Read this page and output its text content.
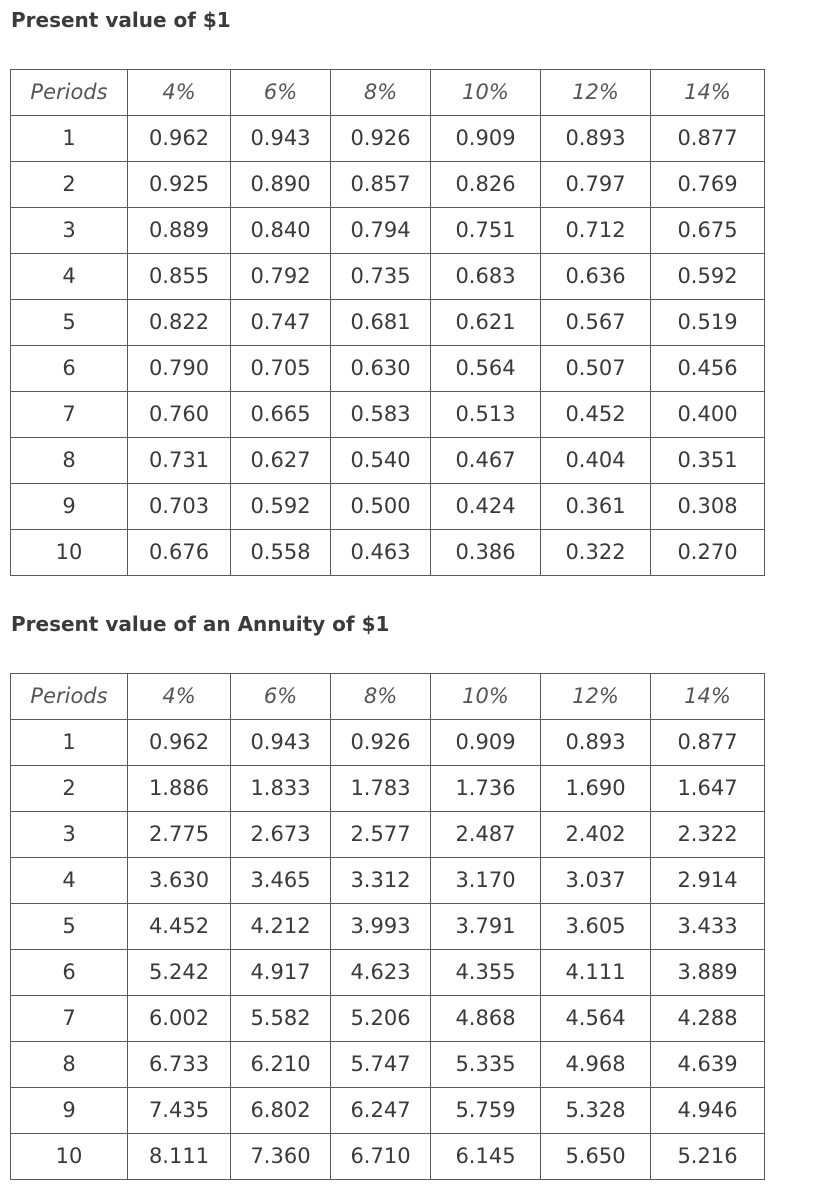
Present value of $1
Periods	4%	6%	8%	10%	12%	14%
1	0.962	0.943	0.926	0.909	0.893	0.877
2	0.925	0.890	0.857	0.826	0.797	0.769
3	0.889	0.840	0.794	0.751	0.712	0.675
4	0.855	0.792	0.735	0.683	0.636	0.592
5	0.822	0.747	0.681	0.621	0.567	0.519
6	0.790	0.705	0.630	0.564	0.507	0.456
7	0.760	0.665	0.583	0.513	0.452	0.400
8	0.731	0.627	0.540	0.467	0.404	0.351
9	0.703	0.592	0.500	0.424	0.361	0.308
10	0.676	0.558	0.463	0.386	0.322	0.270
Present value of an Annuity of $1
Periods	4%	6%	8%	10%	12%	14%
1	0.962	0.943	0.926	0.909	0.893	0.877
2	1.886	1.833	1.783	1.736	1.690	1.647
3	2.775	2.673	2.577	2.487	2.402	2.322
4	3.630	3.465	3.312	3.170	3.037	2.914
5	4.452	4.212	3.993	3.791	3.605	3.433
6	5.242	4.917	4.623	4.355	4.111	3.889
7	6.002	5.582	5.206	4.868	4.564	4.288
8	6.733	6.210	5.747	5.335	4.968	4.639
9	7.435	6.802	6.247	5.759	5.328	4.946
10	8.111	7.360	6.710	6.145	5.650	5.216
